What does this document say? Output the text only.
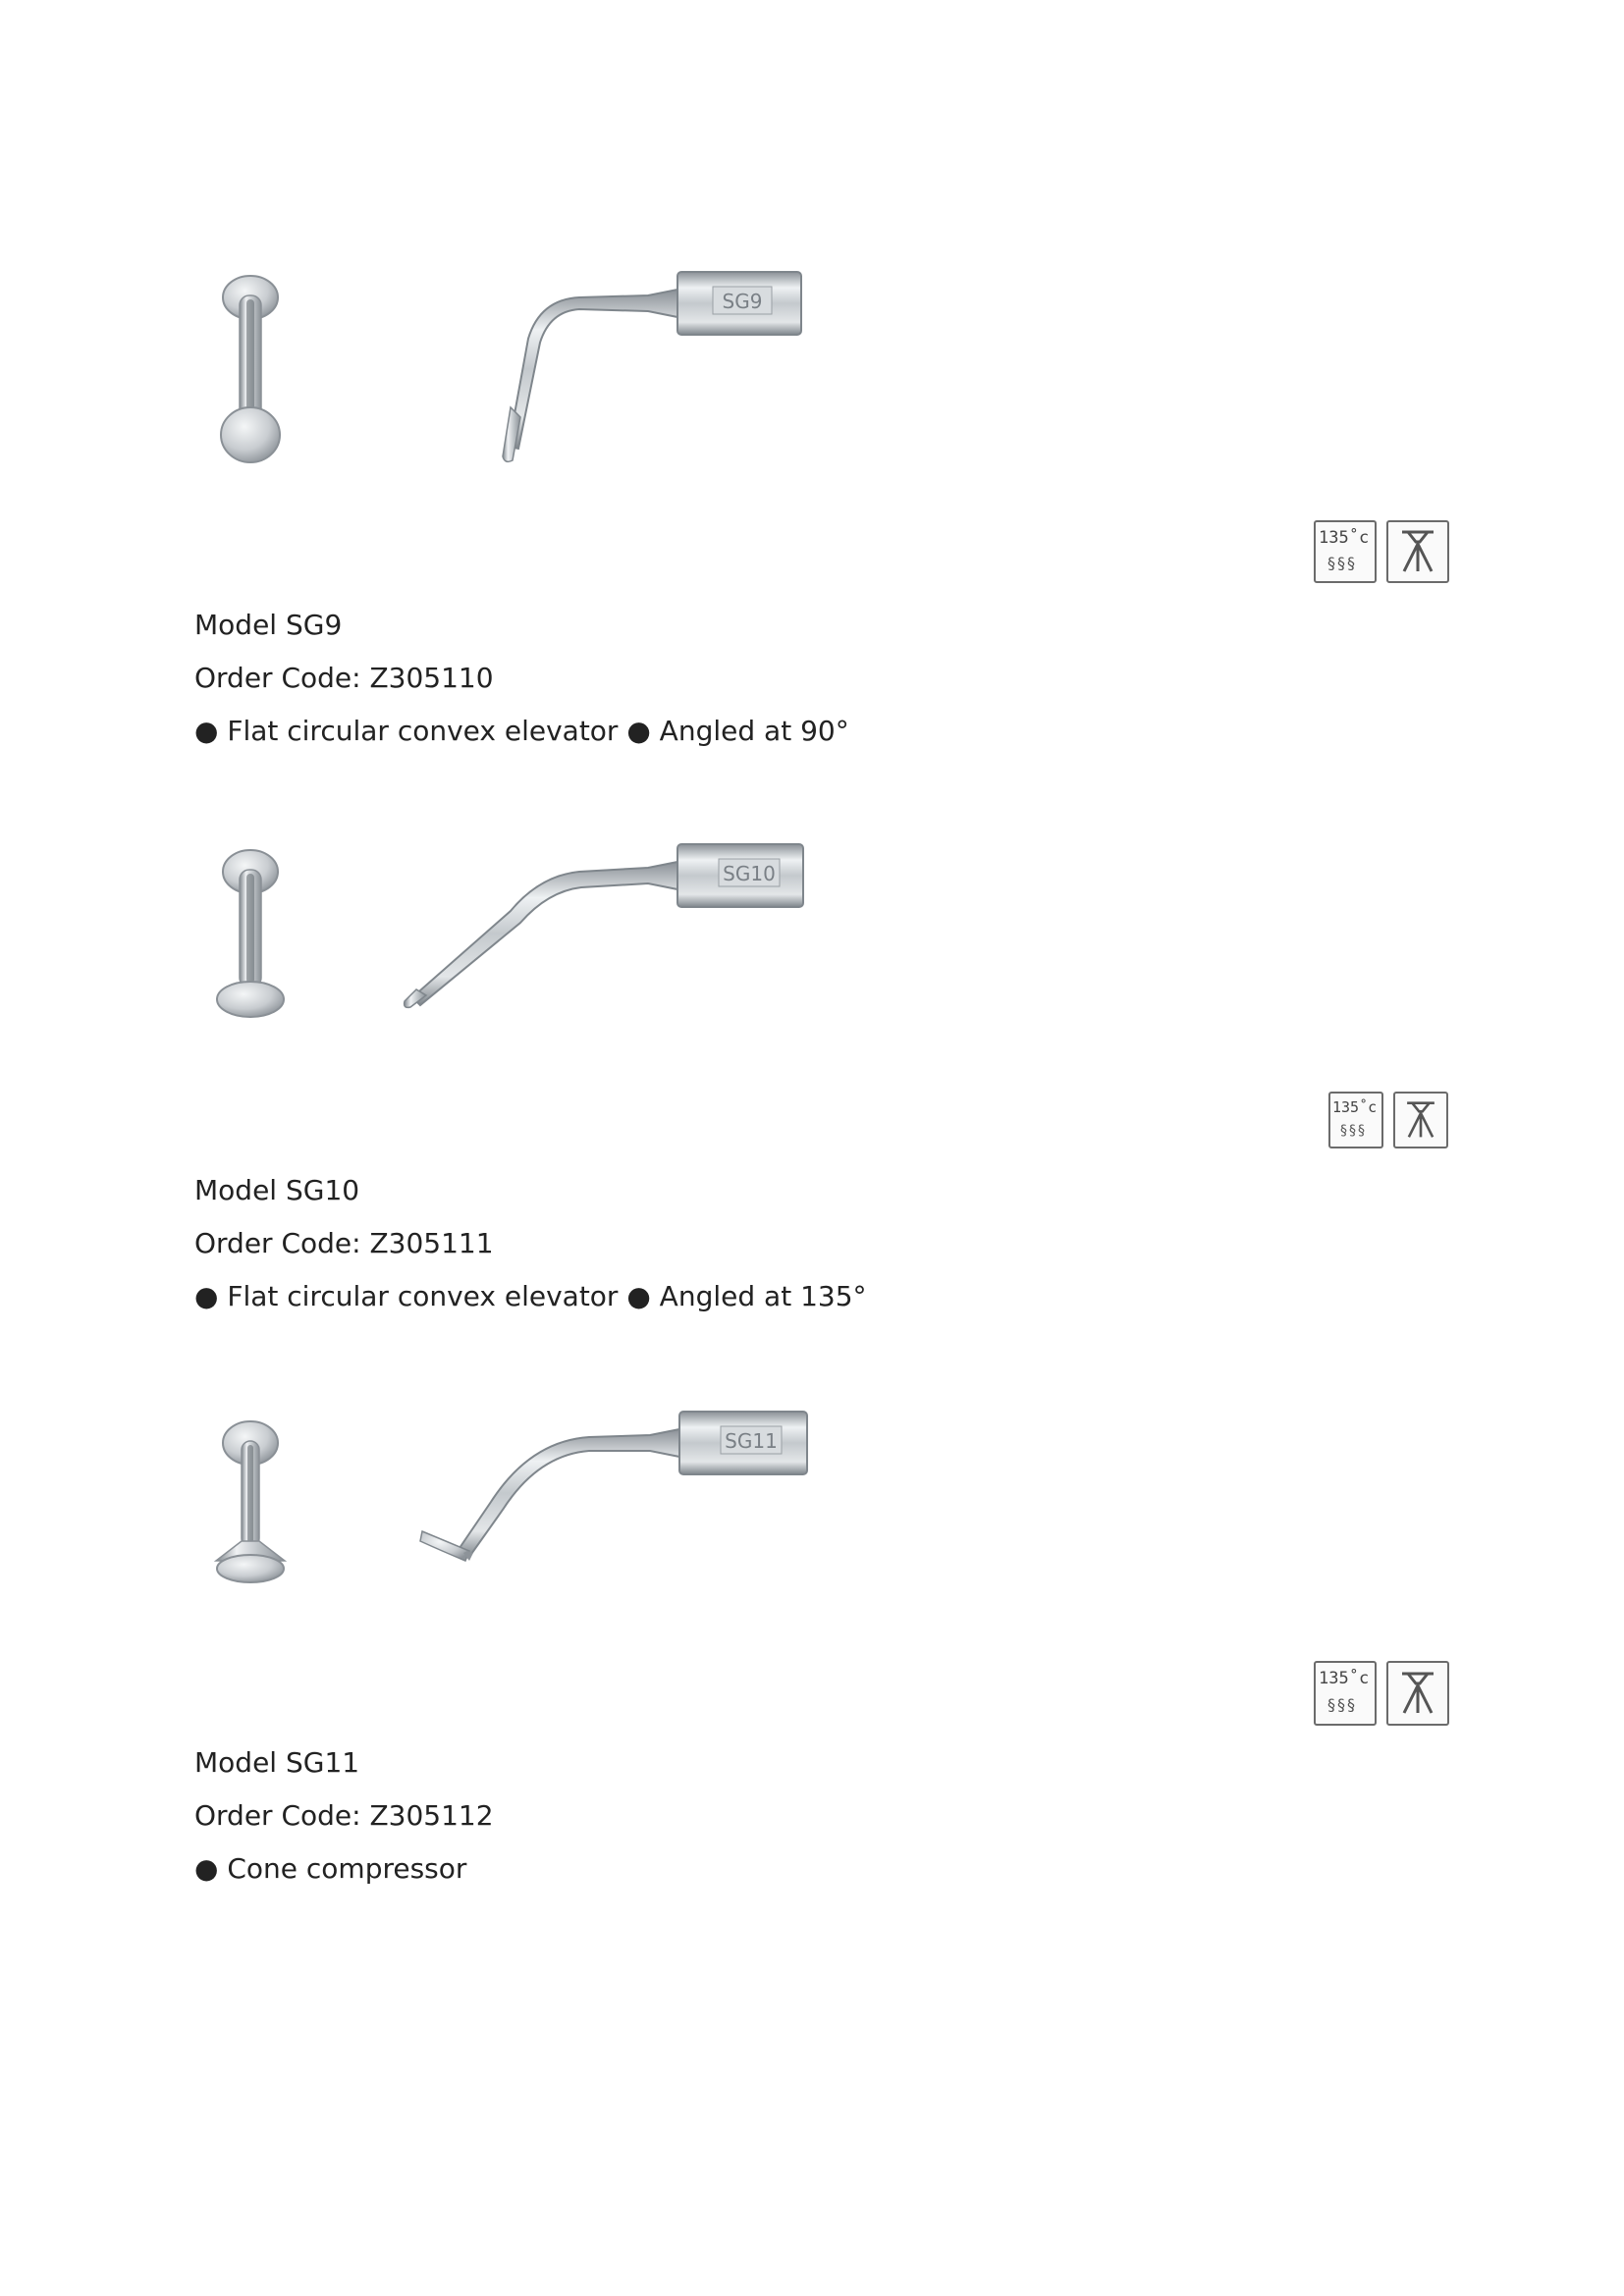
SG9
135˚c
§§§
Model SG9
Order Code: Z305110
● Flat circular convex elevator ● Angled at 90°
SG10
135˚c
§§§
Model SG10
Order Code: Z305111
● Flat circular convex elevator ● Angled at 135°
SG11
135˚c
§§§
Model SG11
Order Code: Z305112
● Cone compressor
